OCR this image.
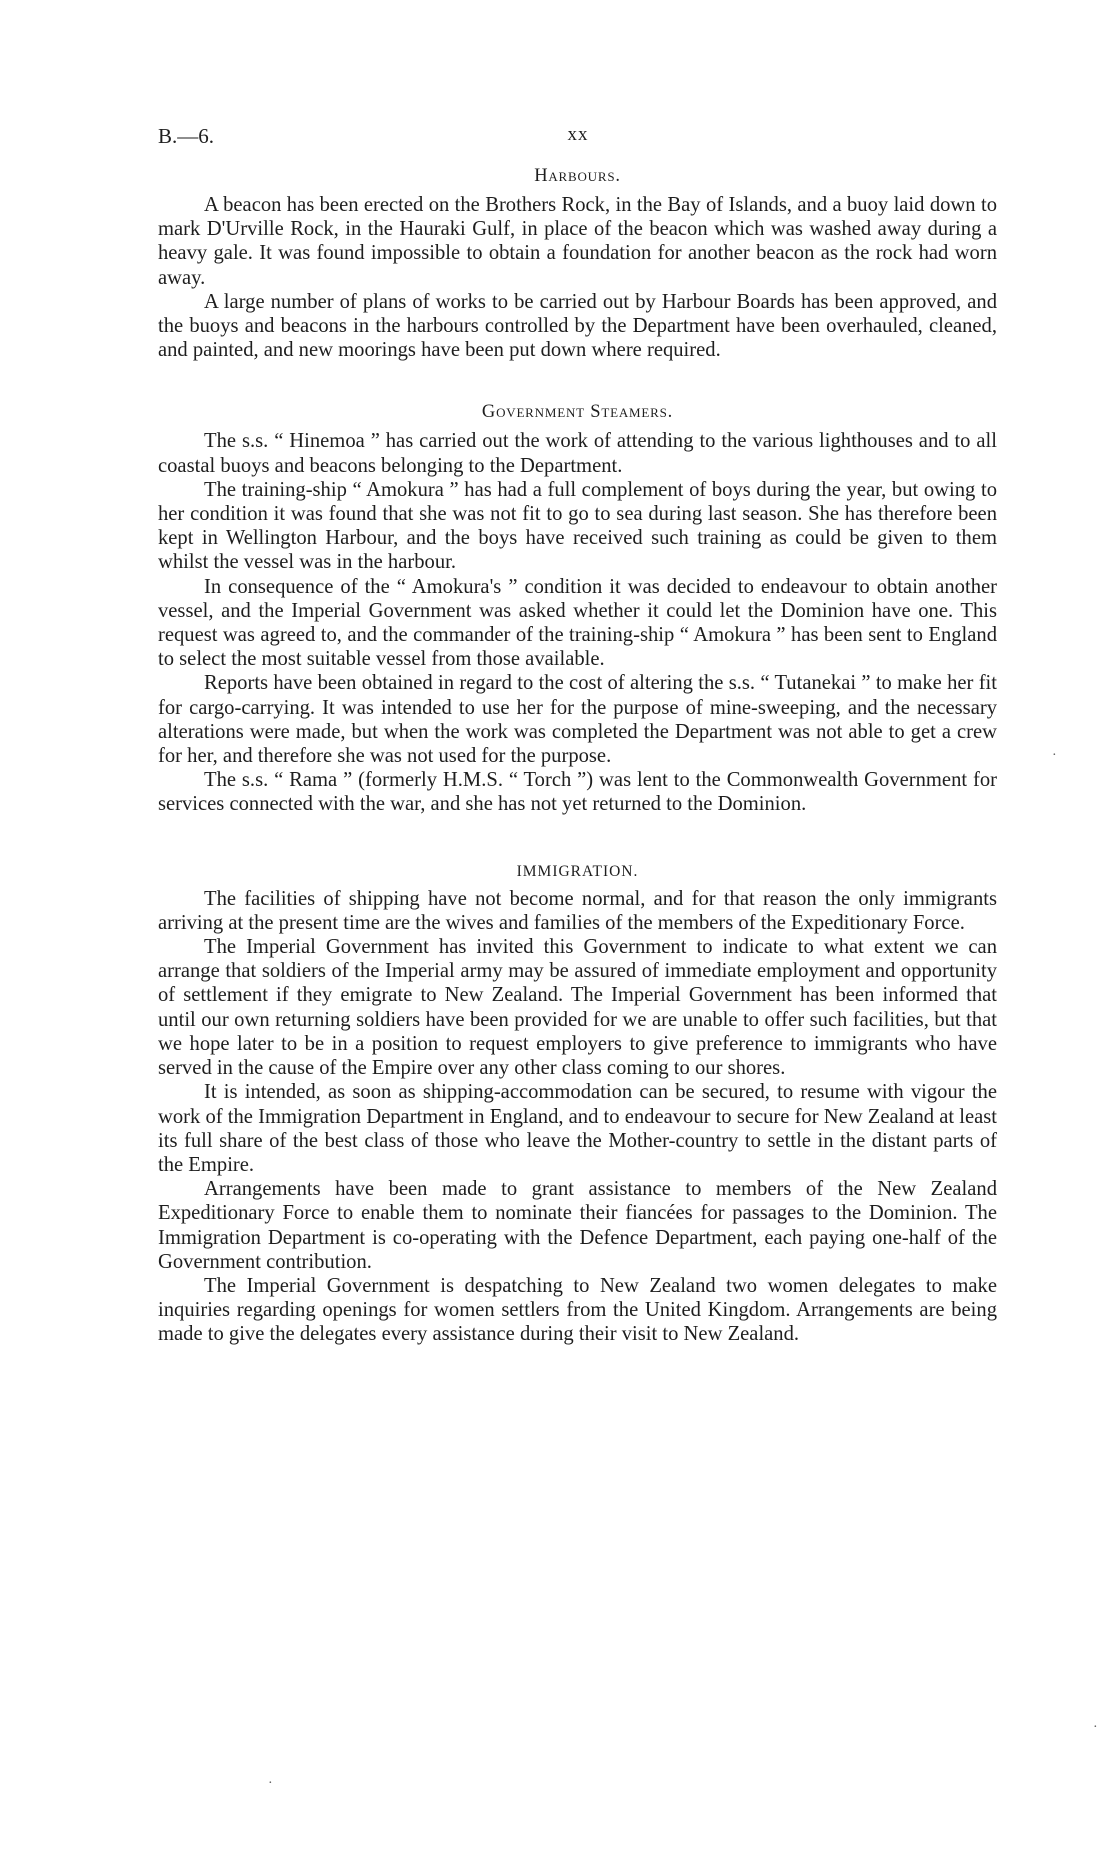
B.—6.	xx
Harbours.

A beacon has been erected on the Brothers Rock, in the Bay of Islands, and a buoy laid down to mark D'Urville Rock, in the Hauraki Gulf, in place of the beacon which was washed away during a heavy gale. It was found impossible to obtain a foundation for another beacon as the rock had worn away.

A large number of plans of works to be carried out by Harbour Boards has been approved, and the buoys and beacons in the harbours controlled by the Department have been overhauled, cleaned, and painted, and new moorings have been put down where required.

Government Steamers.

The s.s. “ Hinemoa ” has carried out the work of attending to the various lighthouses and to all coastal buoys and beacons belonging to the Department.

The training-ship “ Amokura ” has had a full complement of boys during the year, but owing to her condition it was found that she was not fit to go to sea during last season. She has therefore been kept in Wellington Harbour, and the boys have received such training as could be given to them whilst the vessel was in the harbour.

In consequence of the “ Amokura's ” condition it was decided to endeavour to obtain another vessel, and the Imperial Government was asked whether it could let the Dominion have one. This request was agreed to, and the commander of the training-ship “ Amokura ” has been sent to England to select the most suitable vessel from those available.

Reports have been obtained in regard to the cost of altering the s.s. “ Tutanekai ” to make her fit for cargo-carrying. It was intended to use her for the purpose of mine-sweeping, and the necessary alterations were made, but when the work was completed the Department was not able to get a crew for her, and therefore she was not used for the purpose.

The s.s. “ Rama ” (formerly H.M.S. “ Torch ”) was lent to the Commonwealth Government for services connected with the war, and she has not yet returned to the Dominion.

IMMIGRATION.

The facilities of shipping have not become normal, and for that reason the only immigrants arriving at the present time are the wives and families of the members of the Expeditionary Force.

The Imperial Government has invited this Government to indicate to what extent we can arrange that soldiers of the Imperial army may be assured of immediate employment and opportunity of settlement if they emigrate to New Zealand. The Imperial Government has been informed that until our own returning soldiers have been provided for we are unable to offer such facilities, but that we hope later to be in a position to request employers to give preference to immigrants who have served in the cause of the Empire over any other class coming to our shores.

It is intended, as soon as shipping-accommodation can be secured, to resume with vigour the work of the Immigration Department in England, and to endeavour to secure for New Zealand at least its full share of the best class of those who leave the Mother-country to settle in the distant parts of the Empire.

Arrangements have been made to grant assistance to members of the New Zealand Expeditionary Force to enable them to nominate their fiancées for passages to the Dominion. The Immigration Department is co-operating with the Defence Department, each paying one-half of the Government contribution.

The Imperial Government is despatching to New Zealand two women delegates to make inquiries regarding openings for women settlers from the United Kingdom. Arrangements are being made to give the delegates every assistance during their visit to New Zealand.

·
·
·
